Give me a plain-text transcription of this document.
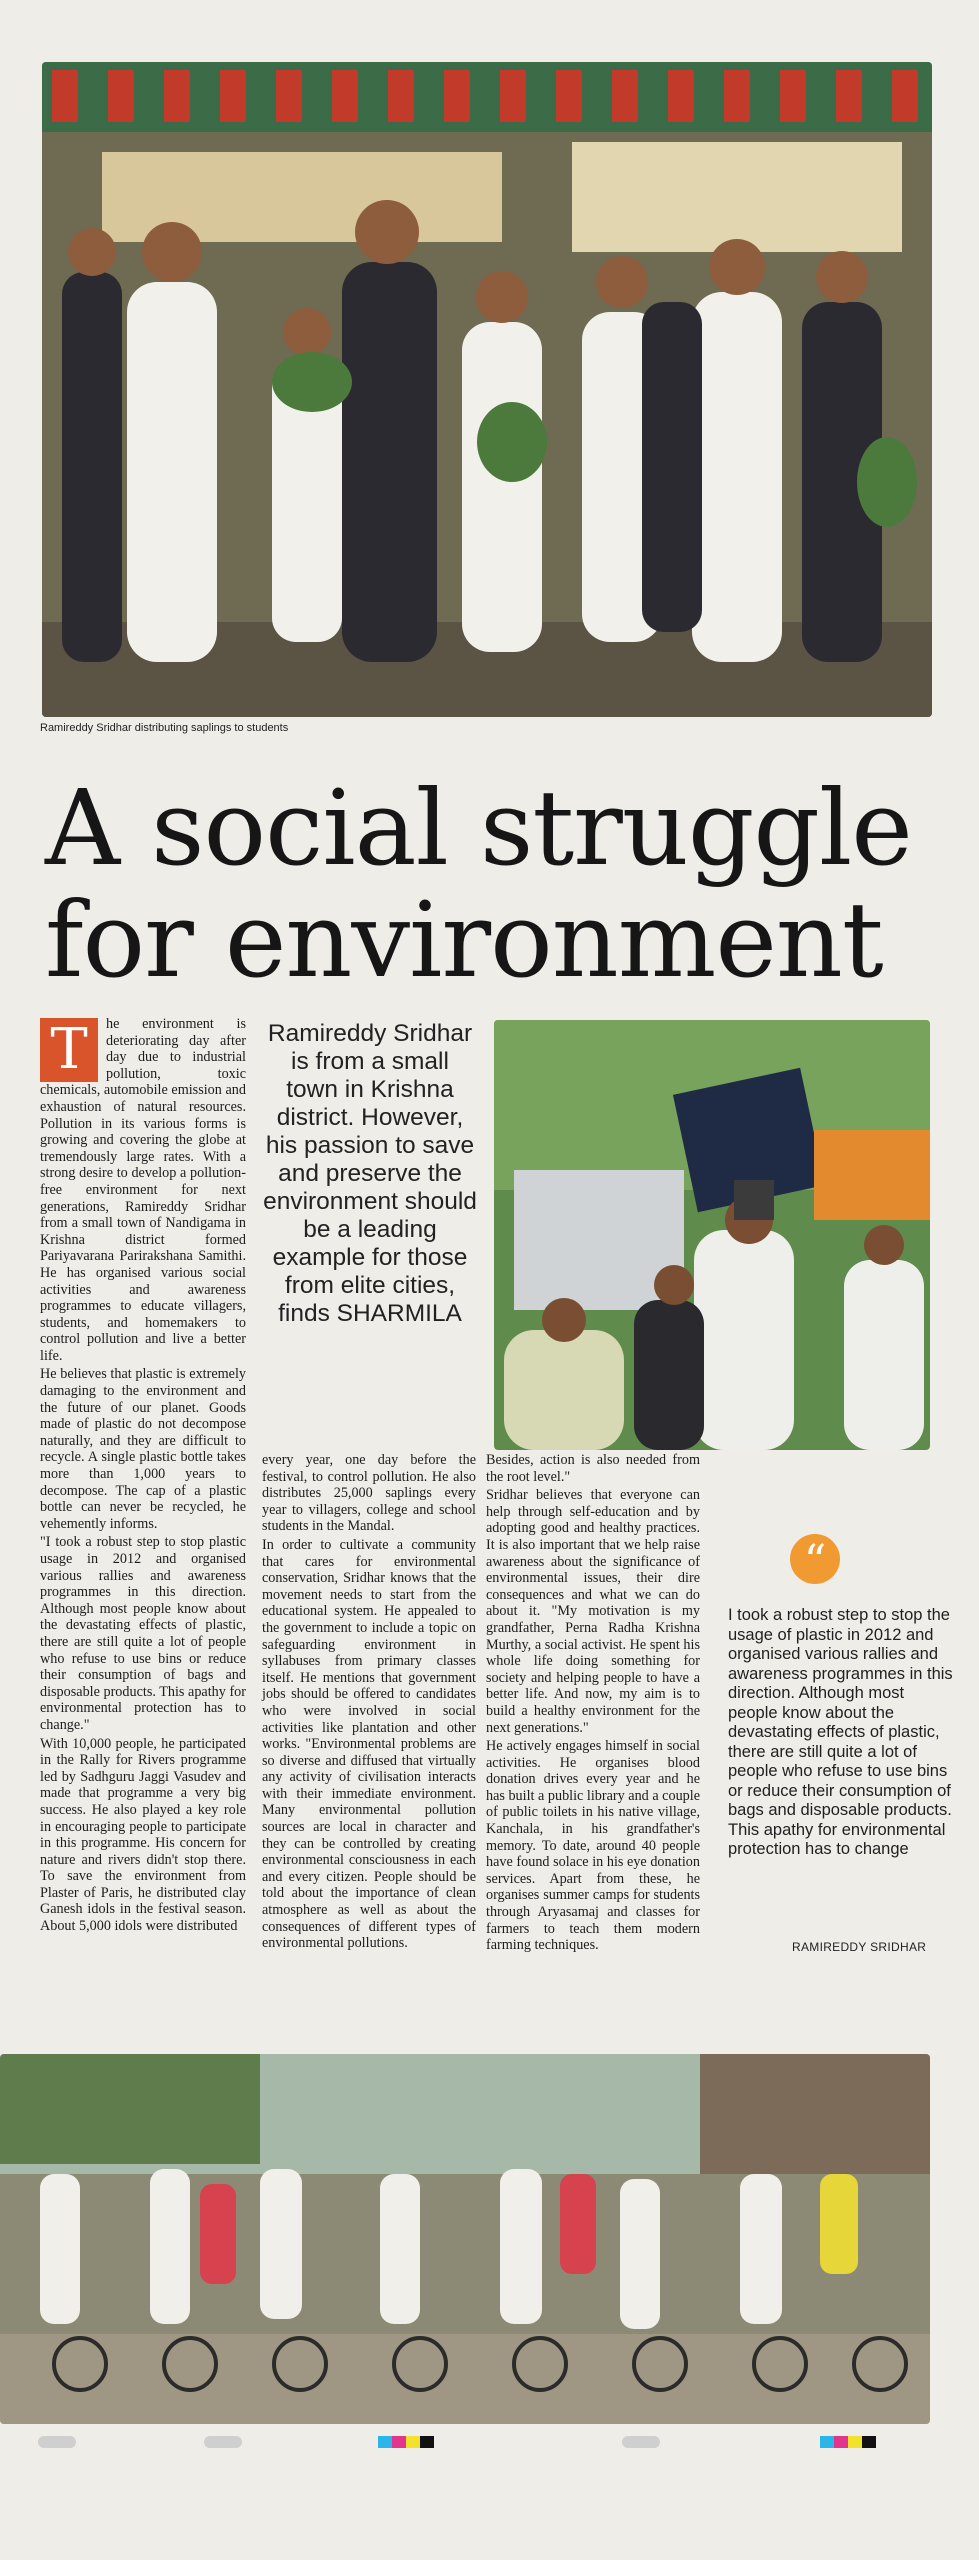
Ramireddy Sridhar distributing saplings to students
A social struggle
for environment
T	he environment is deteriorating day after day due to industrial pollution, toxic chemicals, automobile emission and exhaustion of natural resources. Pollution in its various forms is growing and covering the globe at tremendously large rates. With a strong desire to develop a pollution-free environment for next generations, Ramireddy Sridhar from a small town of Nandigama in Krishna district formed Pariyavarana Parirakshana Samithi. He has organised various social activities and awareness programmes to educate villagers, students, and homemakers to control pollution and live a better life.

He believes that plastic is extremely damaging to the environment and the future of our planet. Goods made of plastic do not decompose naturally, and they are difficult to recycle. A single plastic bottle takes more than 1,000 years to decompose. The cap of a plastic bottle can never be recycled, he vehemently informs.

"I took a robust step to stop plastic usage in 2012 and organised various rallies and awareness programmes in this direction. Although most people know about the devastating effects of plastic, there are still quite a lot of people who refuse to use bins or reduce their consumption of bags and disposable products. This apathy for environmental protection has to change."

With 10,000 people, he participated in the Rally for Rivers programme led by Sadhguru Jaggi Vasudev and made that programme a very big success. He also played a key role in encouraging people to participate in this programme. His concern for nature and rivers didn't stop there. To save the environment from Plaster of Paris, he distributed clay Ganesh idols in the festival season. About 5,000 idols were distributed

Ramireddy Sridhar is from a small town in Krishna district. However, his passion to save and preserve the environment should be a leading example for those from elite cities, finds SHARMILA

every year, one day before the festival, to control pollution. He also distributes 25,000 saplings every year to villagers, college and school students in the Mandal.

In order to cultivate a community that cares for environmental conservation, Sridhar knows that the movement needs to start from the educational system. He appealed to the government to include a topic on safeguarding environment in syllabuses from primary classes itself. He mentions that government jobs should be offered to candidates who were involved in social activities like plantation and other works. "Environmental problems are so diverse and diffused that virtually any activity of civilisation interacts with their immediate environment. Many environmental pollution sources are local in character and they can be controlled by creating environmental consciousness in each and every citizen. People should be told about the importance of clean atmosphere as well as about the consequences of different types of environmental pollutions.

Besides, action is also needed from the root level."

Sridhar believes that everyone can help through self-education and by adopting good and healthy practices. It is also important that we help raise awareness about the significance of environmental issues, their dire consequences and what we can do about it. "My motivation is my grandfather, Perna Radha Krishna Murthy, a social activist. He spent his whole life doing something for society and helping people to have a better life. And now, my aim is to build a healthy environment for the next generations."

He actively engages himself in social activities. He organises blood donation drives every year and he has built a public library and a couple of public toilets in his native village, Kanchala, in his grandfather's memory. To date, around 40 people have found solace in his eye donation services. Apart from these, he organises summer camps for students through Aryasamaj and classes for farmers to teach them modern farming techniques.

“
I took a robust step to stop the usage of plastic in 2012 and organised various rallies and awareness programmes in this direction. Although most people know about the devastating effects of plastic, there are still quite a lot of people who refuse to use bins or reduce their consumption of bags and disposable products. This apathy for environmental protection has to change
RAMIREDDY SRIDHAR
